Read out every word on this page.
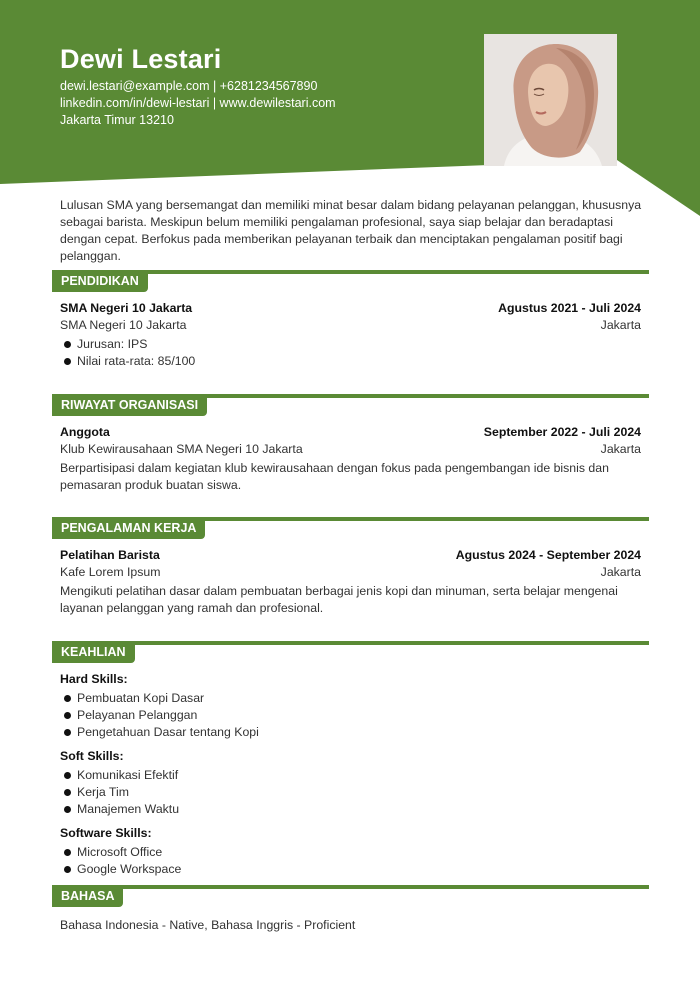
Dewi Lestari
dewi.lestari@example.com | +6281234567890
linkedin.com/in/dewi-lestari | www.dewilestari.com
Jakarta Timur 13210
Lulusan SMA yang bersemangat dan memiliki minat besar dalam bidang pelayanan pelanggan, khususnya sebagai barista. Meskipun belum memiliki pengalaman profesional, saya siap belajar dan beradaptasi dengan cepat. Berfokus pada memberikan pelayanan terbaik dan menciptakan pengalaman positif bagi pelanggan.
PENDIDIKAN
SMA Negeri 10 Jakarta	Agustus 2021 - Juli 2024
SMA Negeri 10 Jakarta	Jakarta
Jurusan: IPS
Nilai rata-rata: 85/100
RIWAYAT ORGANISASI
Anggota	September 2022 - Juli 2024
Klub Kewirausahaan SMA Negeri 10 Jakarta	Jakarta
Berpartisipasi dalam kegiatan klub kewirausahaan dengan fokus pada pengembangan ide bisnis dan pemasaran produk buatan siswa.
PENGALAMAN KERJA
Pelatihan Barista	Agustus 2024 - September 2024
Kafe Lorem Ipsum	Jakarta
Mengikuti pelatihan dasar dalam pembuatan berbagai jenis kopi dan minuman, serta belajar mengenai layanan pelanggan yang ramah dan profesional.
KEAHLIAN
Hard Skills:
Pembuatan Kopi Dasar
Pelayanan Pelanggan
Pengetahuan Dasar tentang Kopi
Soft Skills:
Komunikasi Efektif
Kerja Tim
Manajemen Waktu
Software Skills:
Microsoft Office
Google Workspace
BAHASA
Bahasa Indonesia - Native, Bahasa Inggris - Proficient
